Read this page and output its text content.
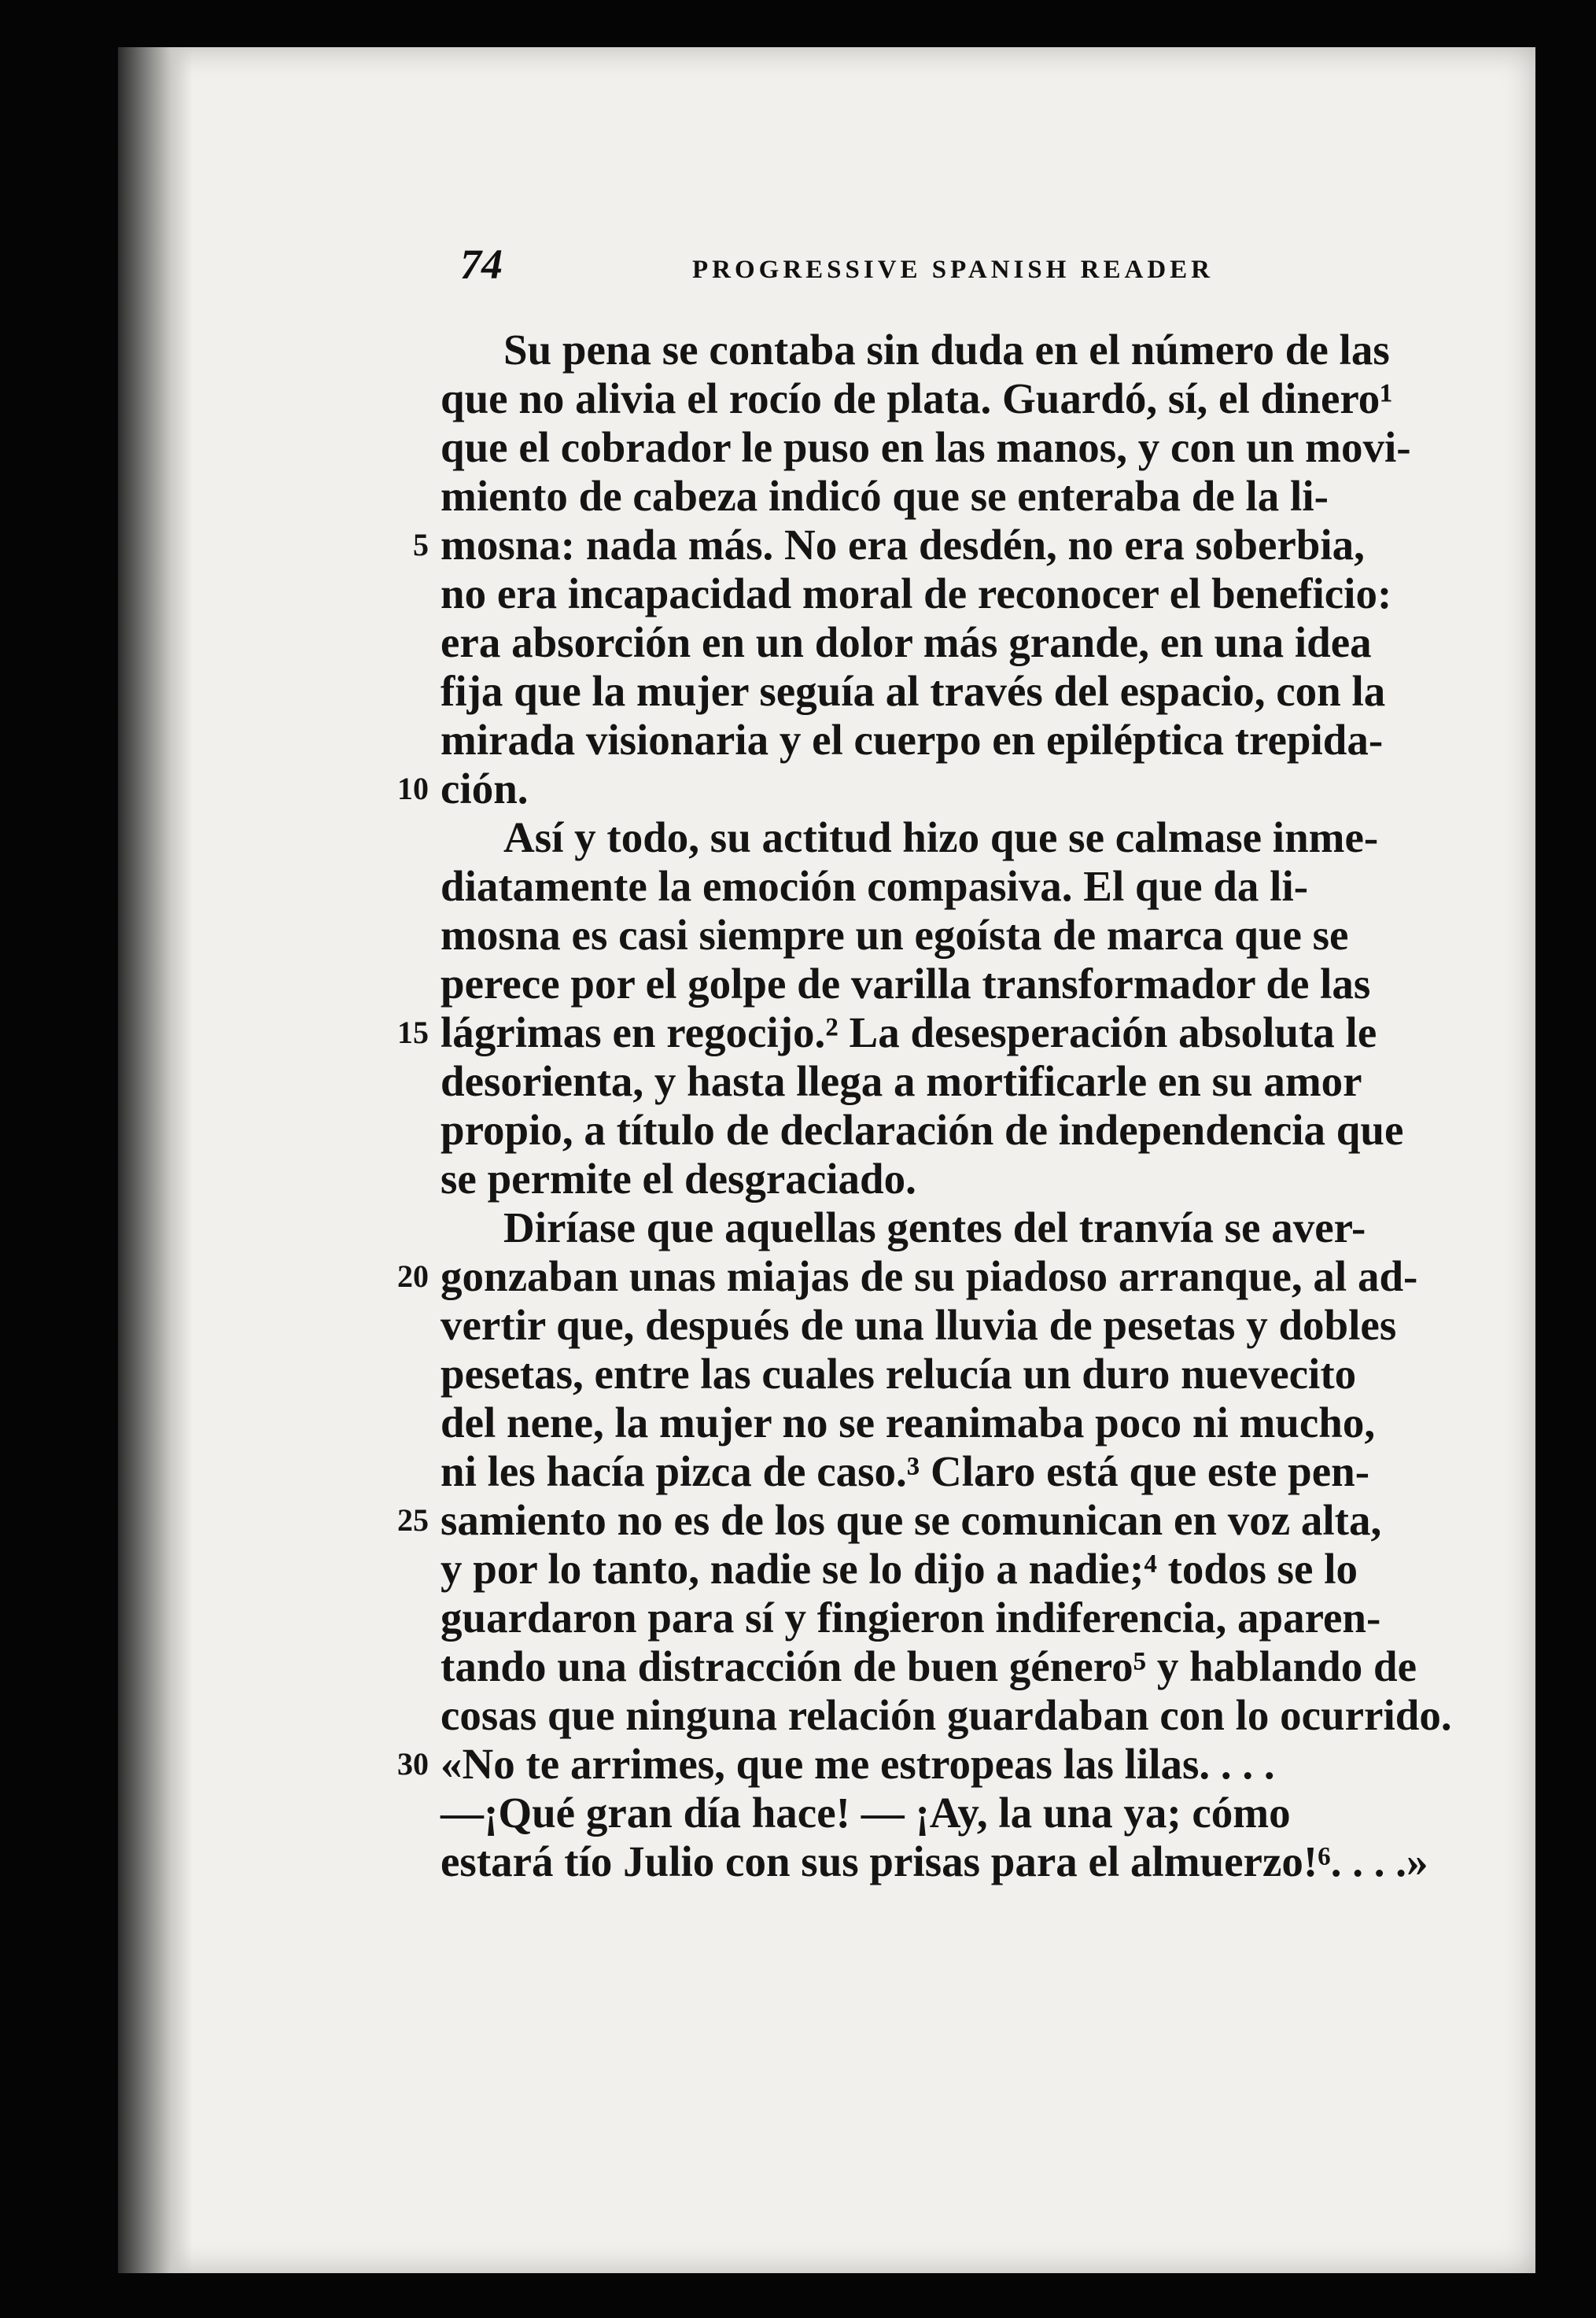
74	PROGRESSIVE SPANISH READER
Su pena se contaba sin duda en el número de las
que no alivia el rocío de plata. Guardó, sí, el dinero¹
que el cobrador le puso en las manos, y con un movi-
miento de cabeza indicó que se enteraba de la li-
mosna: nada más. No era desdén, no era soberbia,
no era incapacidad moral de reconocer el beneficio:
era absorción en un dolor más grande, en una idea
fija que la mujer seguía al través del espacio, con la
mirada visionaria y el cuerpo en epiléptica trepida-
ción.
Así y todo, su actitud hizo que se calmase inme-
diatamente la emoción compasiva. El que da li-
mosna es casi siempre un egoísta de marca que se
perece por el golpe de varilla transformador de las
lágrimas en regocijo.² La desesperación absoluta le
desorienta, y hasta llega a mortificarle en su amor
propio, a título de declaración de independencia que
se permite el desgraciado.
Diríase que aquellas gentes del tranvía se aver-
gonzaban unas miajas de su piadoso arranque, al ad-
vertir que, después de una lluvia de pesetas y dobles
pesetas, entre las cuales relucía un duro nuevecito
del nene, la mujer no se reanimaba poco ni mucho,
ni les hacía pizca de caso.³ Claro está que este pen-
samiento no es de los que se comunican en voz alta,
y por lo tanto, nadie se lo dijo a nadie;⁴ todos se lo
guardaron para sí y fingieron indiferencia, aparen-
tando una distracción de buen género⁵ y hablando de
cosas que ninguna relación guardaban con lo ocurrido.
«No te arrimes, que me estropeas las lilas. . . .
—¡Qué gran día hace! — ¡Ay, la una ya; cómo
estará tío Julio con sus prisas para el almuerzo!⁶. . . .»
5
10
15
20
25
30
